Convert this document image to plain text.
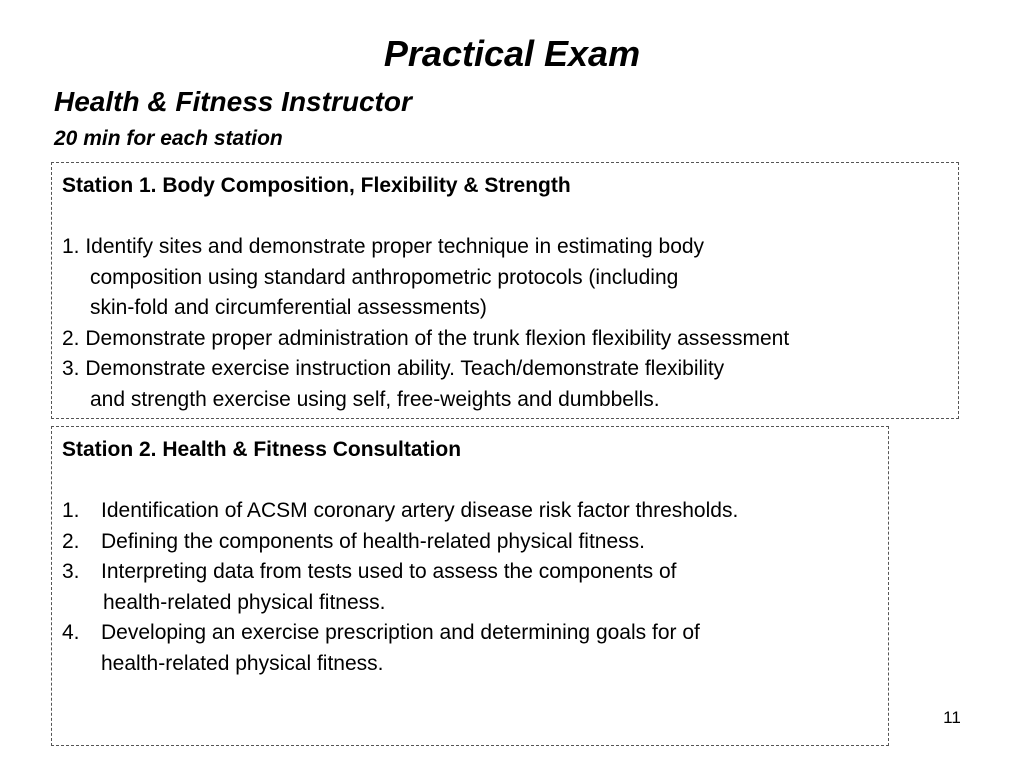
Practical Exam
Health & Fitness Instructor
20 min for each station
Station 1. Body Composition, Flexibility & Strength
1. Identify sites and demonstrate proper technique in estimating body
composition using standard anthropometric protocols (including
skin-fold and circumferential assessments)
2. Demonstrate proper administration of the trunk flexion flexibility assessment
3. Demonstrate exercise instruction ability. Teach/demonstrate flexibility
and strength exercise using self, free-weights and dumbbells.
Station 2. Health & Fitness Consultation
1.	Identification of ACSM coronary artery disease risk factor thresholds.
2.	Defining the components of health-related physical fitness.
3.	Interpreting data from tests used to assess the components of
health-related physical fitness.
4.	Developing an exercise prescription and determining goals for of
health-related physical fitness.
11
